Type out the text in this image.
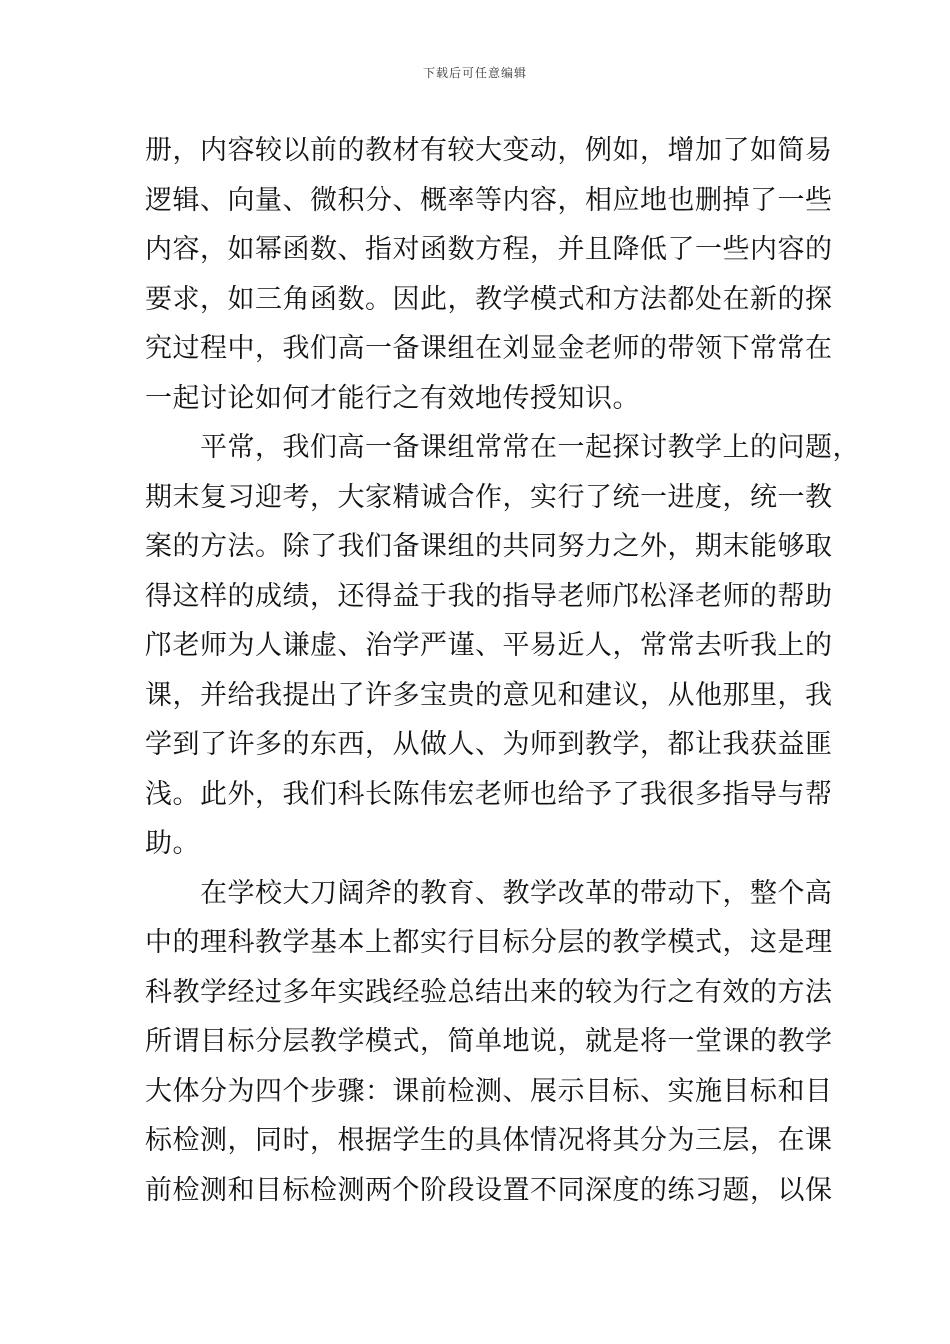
下载后可任意编辑
册，内容较以前的教材有较大变动，例如，增加了如简易
逻辑、向量、微积分、概率等内容，相应地也删掉了一些
内容，如幂函数、指对函数方程，并且降低了一些内容的
要求，如三角函数。因此，教学模式和方法都处在新的探
究过程中，我们高一备课组在刘显金老师的带领下常常在
一起讨论如何才能行之有效地传授知识。
平常，我们高一备课组常常在一起探讨教学上的问题，
期末复习迎考，大家精诚合作，实行了统一进度，统一教
案的方法。除了我们备课组的共同努力之外，期末能够取
得这样的成绩，还得益于我的指导老师邝松泽老师的帮助
邝老师为人谦虚、治学严谨、平易近人，常常去听我上的
课，并给我提出了许多宝贵的意见和建议，从他那里，我
学到了许多的东西，从做人、为师到教学，都让我获益匪
浅。此外，我们科长陈伟宏老师也给予了我很多指导与帮
助。
在学校大刀阔斧的教育、教学改革的带动下，整个高
中的理科教学基本上都实行目标分层的教学模式，这是理
科教学经过多年实践经验总结出来的较为行之有效的方法
所谓目标分层教学模式，简单地说，就是将一堂课的教学
大体分为四个步骤：课前检测、展示目标、实施目标和目
标检测，同时，根据学生的具体情况将其分为三层，在课
前检测和目标检测两个阶段设置不同深度的练习题，以保
